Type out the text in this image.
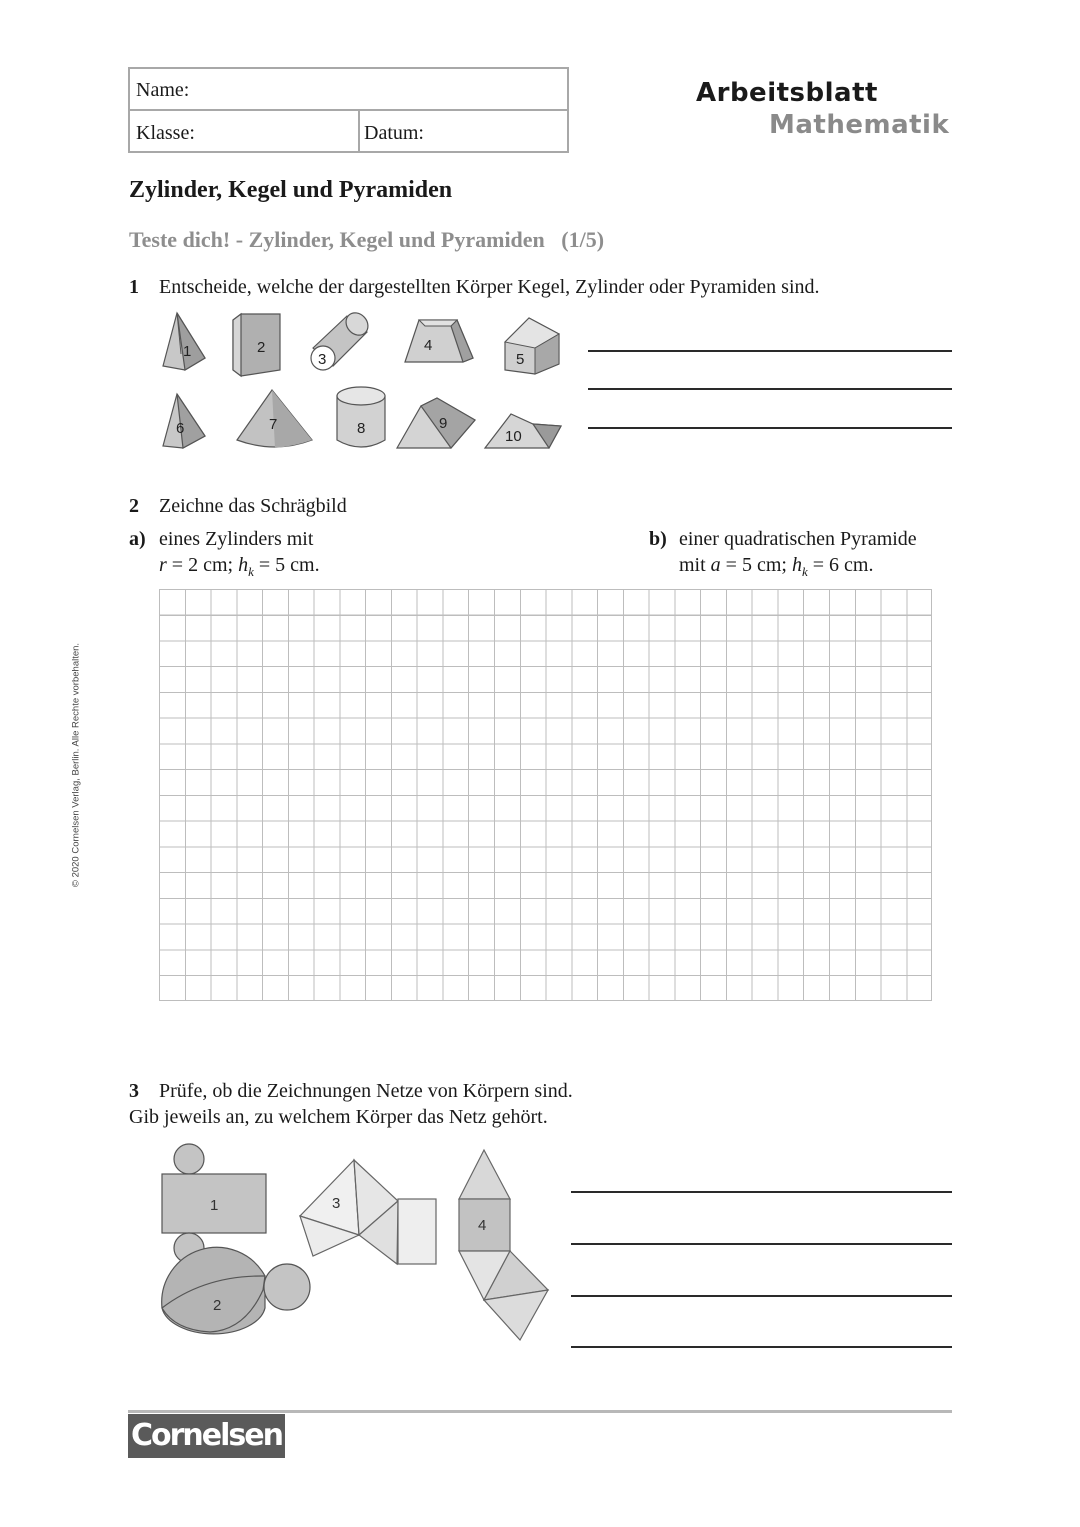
Name:
Klasse:	Datum:
Arbeitsblatt
Mathematik
Zylinder, Kegel und Pyramiden
Teste dich! - Zylinder, Kegel und Pyramiden   (1/5)
1 Entscheide, welche der dargestellten Körper Kegel, Zylinder oder Pyramiden sind.
1	2
3
4
5
6	7	8	9
10
2 Zeichne das Schrägbild
a) eines Zylinders mit
r = 2 cm; $h_k = 5$ cm.
b) einer quadratischen Pyramide
mit a = 5 cm; $h_k = 6$ cm.
© 2020 Cornelsen Verlag, Berlin. Alle Rechte vorbehalten.
3 Prüfe, ob die Zeichnungen Netze von Körpern sind.
Gib jeweils an, zu welchem Körper das Netz gehört.
1
2
3
4
Cornelsen
